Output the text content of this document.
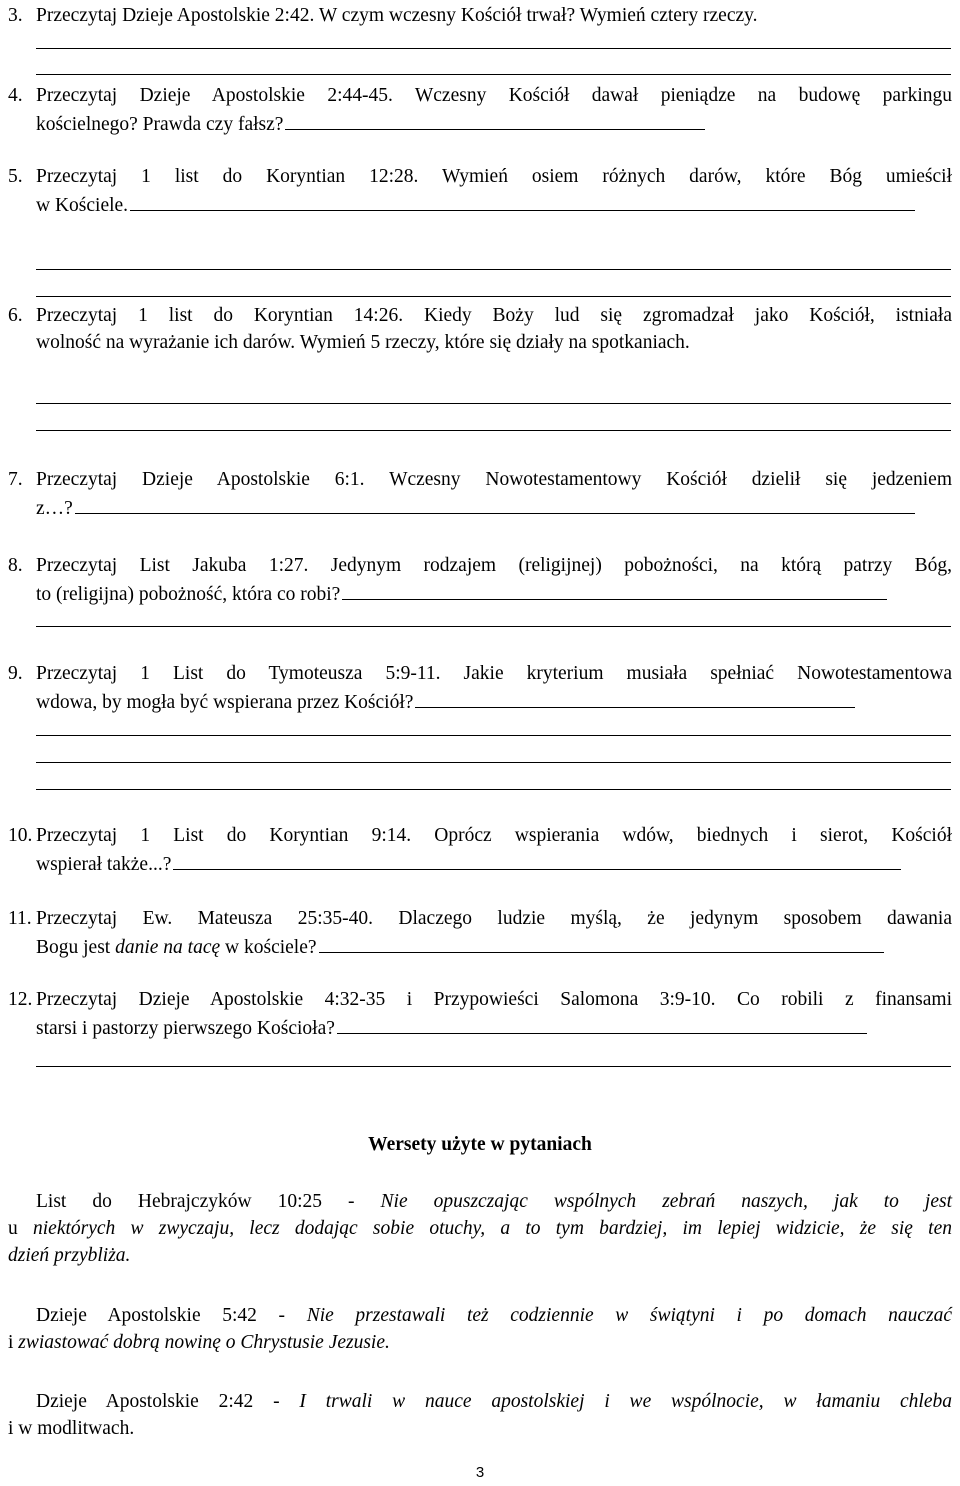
3. Przeczytaj Dzieje Apostolskie 2:42. W czym wczesny Kościół trwał? Wymień cztery rzeczy.
4. Przeczytaj Dzieje Apostolskie 2:44-45. Wczesny Kościół dawał pieniądze na budowę parkingu
kościelnego? Prawda czy fałsz?
5. Przeczytaj 1 list do Koryntian 12:28. Wymień osiem różnych darów, które Bóg umieścił
w Kościele.
6. Przeczytaj 1 list do Koryntian 14:26. Kiedy Boży lud się zgromadzał jako Kościół, istniała
wolność na wyrażanie ich darów. Wymień 5 rzeczy, które się działy na spotkaniach.
7. Przeczytaj Dzieje Apostolskie 6:1. Wczesny Nowotestamentowy Kościół dzielił się jedzeniem
z…?
8. Przeczytaj List Jakuba 1:27. Jedynym rodzajem (religijnej) pobożności, na którą patrzy Bóg,
to (religijna) pobożność, która co robi?
9. Przeczytaj 1 List do Tymoteusza 5:9-11. Jakie kryterium musiała spełniać Nowotestamentowa
wdowa, by mogła być wspierana przez Kościół?
10. Przeczytaj 1 List do Koryntian 9:14. Oprócz wspierania wdów, biednych i sierot, Kościół
wspierał także...?
11. Przeczytaj Ew. Mateusza 25:35-40. Dlaczego ludzie myślą, że jedynym sposobem dawania
Bogu jest danie na tacę w kościele?
12. Przeczytaj Dzieje Apostolskie 4:32-35 i Przypowieści Salomona 3:9-10. Co robili z finansami
starsi i pastorzy pierwszego Kościoła?
Wersety użyte w pytaniach
List do Hebrajczyków 10:25 - Nie opuszczając wspólnych zebrań naszych, jak to jest
u niektórych w zwyczaju, lecz dodając sobie otuchy, a to tym bardziej, im lepiej widzicie, że się ten
dzień przybliża.
Dzieje Apostolskie 5:42 - Nie przestawali też codziennie w świątyni i po domach nauczać
i zwiastować dobrą nowinę o Chrystusie Jezusie.
Dzieje Apostolskie 2:42 - I trwali w nauce apostolskiej i we wspólnocie, w łamaniu chleba
i w modlitwach.
3
